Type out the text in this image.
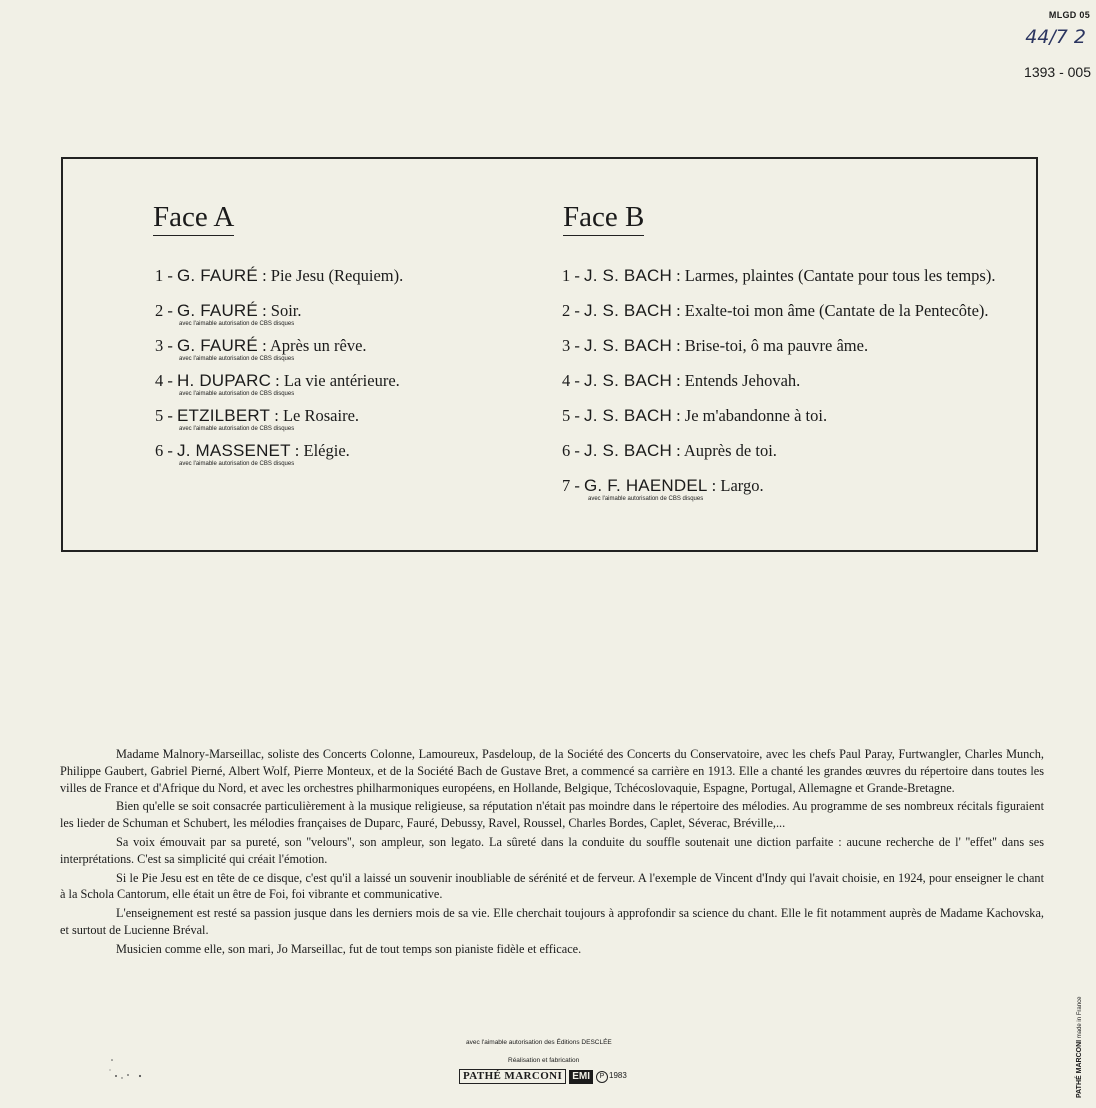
MLGD 05
44/7 2
1393 - 005
Face A	Face B
1 - G. FAURÉ : Pie Jesu (Requiem).
2 - G. FAURÉ : Soir.
avec l'aimable autorisation de CBS disques
3 - G. FAURÉ : Après un rêve.
avec l'aimable autorisation de CBS disques
4 - H. DUPARC : La vie antérieure.
avec l'aimable autorisation de CBS disques
5 - ETZILBERT : Le Rosaire.
avec l'aimable autorisation de CBS disques
6 - J. MASSENET : Elégie.
avec l'aimable autorisation de CBS disques
1 - J. S. BACH : Larmes, plaintes (Cantate pour tous les temps).
2 - J. S. BACH : Exalte-toi mon âme (Cantate de la Pentecôte).
3 - J. S. BACH : Brise-toi, ô ma pauvre âme.
4 - J. S. BACH : Entends Jehovah.
5 - J. S. BACH : Je m'abandonne à toi.
6 - J. S. BACH : Auprès de toi.
7 - G. F. HAENDEL : Largo.
avec l'aimable autorisation de CBS disques

Madame Malnory-Marseillac, soliste des Concerts Colonne, Lamoureux, Pasdeloup, de la Société des Concerts du Conservatoire, avec les chefs Paul Paray, Furtwangler, Charles Munch, Philippe Gaubert, Gabriel Pierné, Albert Wolf, Pierre Monteux, et de la Société Bach de Gustave Bret, a commencé sa carrière en 1913. Elle a chanté les grandes œuvres du répertoire dans toutes les villes de France et d'Afrique du Nord, et avec les orchestres philharmoniques européens, en Hollande, Belgique, Tchécoslovaquie, Espagne, Portugal, Allemagne et Grande-Bretagne.

Bien qu'elle se soit consacrée particulièrement à la musique religieuse, sa réputation n'était pas moindre dans le répertoire des mélodies. Au programme de ses nombreux récitals figuraient les lieder de Schuman et Schubert, les mélodies françaises de Duparc, Fauré, Debussy, Ravel, Roussel, Charles Bordes, Caplet, Séverac, Bréville,...

Sa voix émouvait par sa pureté, son ''velours'', son ampleur, son legato. La sûreté dans la conduite du souffle soutenait une diction parfaite : aucune recherche de l' ''effet'' dans ses interprétations. C'est sa simplicité qui créait l'émotion.

Si le Pie Jesu est en tête de ce disque, c'est qu'il a laissé un souvenir inoubliable de sérénité et de ferveur. A l'exemple de Vincent d'Indy qui l'avait choisie, en 1924, pour enseigner le chant à la Schola Cantorum, elle était un être de Foi, foi vibrante et communicative.

L'enseignement est resté sa passion jusque dans les derniers mois de sa vie. Elle cherchait toujours à approfondir sa science du chant. Elle le fit notamment auprès de Madame Kachovska, et surtout de Lucienne Bréval.

Musicien comme elle, son mari, Jo Marseillac, fut de tout temps son pianiste fidèle et efficace.

avec l'aimable autorisation des Éditions DESCLÉE
Réalisation et fabrication
PATHÉ MARCONI	EMI	P 1983	PATHÉ MARCONI made in France
